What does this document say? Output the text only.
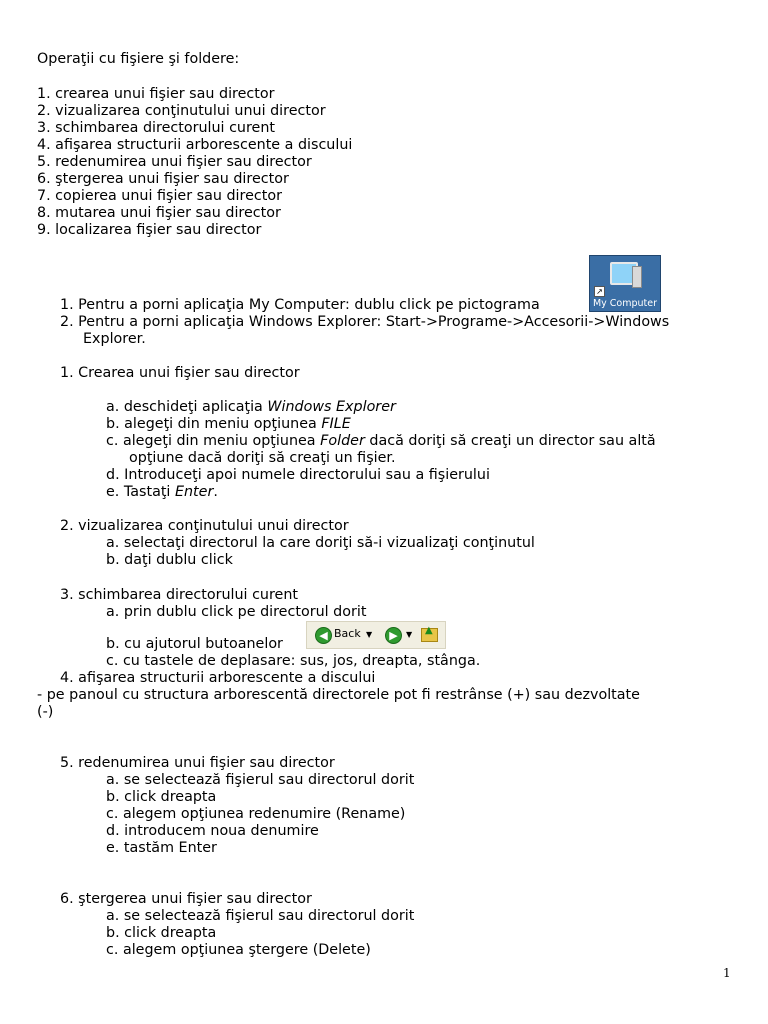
Operaţii cu fişiere şi foldere:
1. crearea unui fişier sau director
2. vizualizarea conţinutului unui director
3. schimbarea directorului curent
4. afişarea structurii arborescente a discului
5. redenumirea unui fişier sau director
6. ştergerea unui fişier sau director
7. copierea unui fişier sau director
8. mutarea unui fişier sau director
9. localizarea fişier sau director
1. Pentru a porni aplicaţia My Computer: dublu click pe pictograma
↗
My Computer
2. Pentru a porni aplicaţia Windows Explorer: Start->Programe->Accesorii->Windows
Explorer.
1. Crearea unui fişier sau director
a. deschideţi aplicaţia Windows Explorer
b. alegeţi din meniu opţiunea FILE
c. alegeţi din meniu opţiunea Folder dacă doriţi să creaţi un director sau altă
opţiune dacă doriţi să creaţi un fişier.
d. Introduceţi apoi numele directorului sau a fişierului
e. Tastaţi Enter.
2. vizualizarea conţinutului unui director
a. selectaţi directorul la care doriţi să-i vizualizaţi conţinutul
b. daţi dublu click
3. schimbarea directorului curent
a. prin dublu click pe directorul dorit
b. cu ajutorul butoanelor
◀ Back ▼	▶	▼ ▲
c. cu tastele de deplasare: sus, jos, dreapta, stânga.
4. afişarea structurii arborescente a discului
- pe panoul cu structura arborescentă directorele pot fi restrânse (+) sau dezvoltate
(-)
5. redenumirea unui fişier sau director
a. se selectează fişierul sau directorul dorit
b. click dreapta
c. alegem opţiunea redenumire (Rename)
d. introducem noua denumire
e. tastăm Enter
6. ştergerea unui fişier sau director
a. se selectează fişierul sau directorul dorit
b. click dreapta
c. alegem opţiunea ştergere (Delete)
1
